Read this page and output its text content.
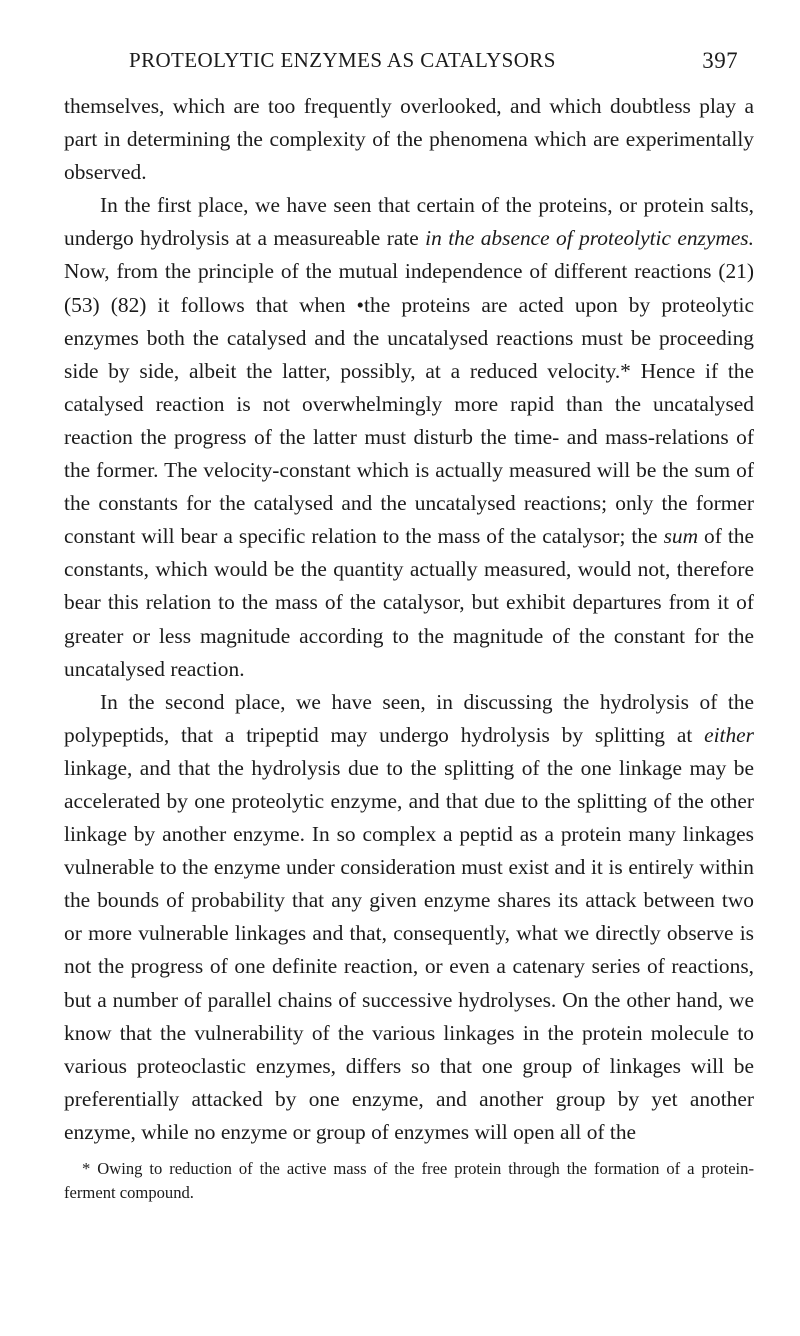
PROTEOLYTIC ENZYMES AS CATALYSORS	397

themselves, which are too frequently overlooked, and which doubtless play a part in determining the complexity of the phenomena which are experimentally observed.

In the first place, we have seen that certain of the proteins, or protein salts, undergo hydrolysis at a measureable rate in the absence of proteolytic enzymes. Now, from the principle of the mutual independence of different reactions (21) (53) (82) it follows that when •the proteins are acted upon by proteolytic enzymes both the catalysed and the uncatalysed reactions must be proceeding side by side, albeit the latter, possibly, at a reduced velocity.* Hence if the catalysed reaction is not overwhelmingly more rapid than the uncatalysed reaction the progress of the latter must disturb the time- and mass-relations of the former. The velocity-constant which is actually measured will be the sum of the constants for the catalysed and the uncatalysed reactions; only the former constant will bear a specific relation to the mass of the catalysor; the sum of the constants, which would be the quantity actually measured, would not, therefore bear this relation to the mass of the catalysor, but exhibit departures from it of greater or less magnitude according to the magnitude of the constant for the uncatalysed reaction.

In the second place, we have seen, in discussing the hydrolysis of the polypeptids, that a tripeptid may undergo hydrolysis by splitting at either linkage, and that the hydrolysis due to the splitting of the one linkage may be accelerated by one proteolytic enzyme, and that due to the splitting of the other linkage by another enzyme. In so complex a peptid as a protein many linkages vulnerable to the enzyme under consideration must exist and it is entirely within the bounds of probability that any given enzyme shares its attack between two or more vulnerable linkages and that, consequently, what we directly observe is not the progress of one definite reaction, or even a catenary series of reactions, but a number of parallel chains of successive hydrolyses. On the other hand, we know that the vulnerability of the various linkages in the protein molecule to various proteoclastic enzymes, differs so that one group of linkages will be preferentially attacked by one enzyme, and another group by yet another enzyme, while no enzyme or group of enzymes will open all of the

* Owing to reduction of the active mass of the free protein through the formation of a protein-ferment compound.
